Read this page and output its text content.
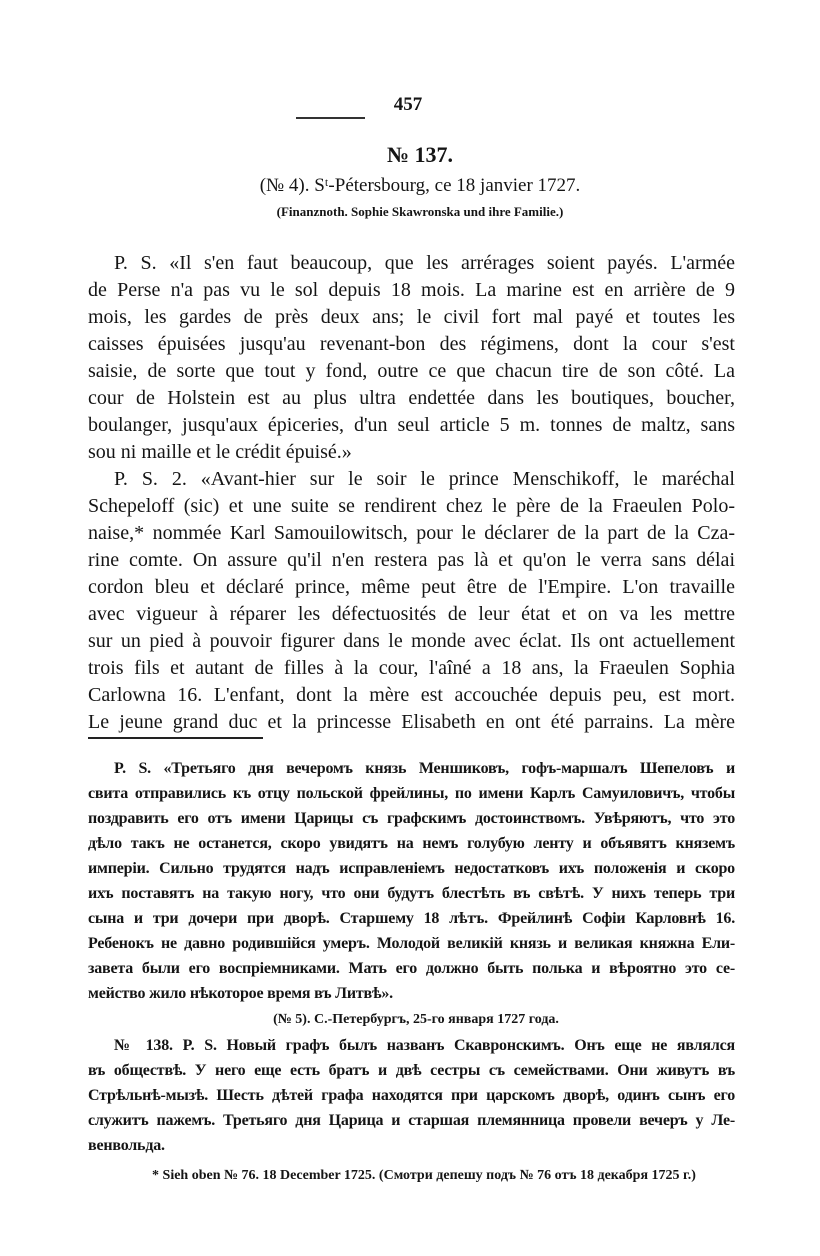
457
№ 137.
(№ 4). Sᵗ-Pétersbourg, ce 18 janvier 1727.
(Finanznoth. Sophie Skawronska und ihre Familie.)
P. S. «Il s'en faut beaucoup, que les arrérages soient payés. L'armée
de Perse n'a pas vu le sol depuis 18 mois. La marine est en arrière de 9
mois, les gardes de près deux ans; le civil fort mal payé et toutes les
caisses épuisées jusqu'au revenant-bon des régimens, dont la cour s'est
saisie, de sorte que tout y fond, outre ce que chacun tire de son côté. La
cour de Holstein est au plus ultra endettée dans les boutiques, boucher,
boulanger, jusqu'aux épiceries, d'un seul article 5 m. tonnes de maltz, sans
sou ni maille et le crédit épuisé.»
P. S. 2. «Avant-hier sur le soir le prince Menschikoff, le maréchal
Schepeloff (sic) et une suite se rendirent chez le père de la Fraeulen Polo-
naise,* nommée Karl Samouilowitsch, pour le déclarer de la part de la Cza-
rine comte. On assure qu'il n'en restera pas là et qu'on le verra sans délai
cordon bleu et déclaré prince, même peut être de l'Empire. L'on travaille
avec vigueur à réparer les défectuosités de leur état et on va les mettre
sur un pied à pouvoir figurer dans le monde avec éclat. Ils ont actuellement
trois fils et autant de filles à la cour, l'aîné a 18 ans, la Fraeulen Sophia
Carlowna 16. L'enfant, dont la mère est accouchée depuis peu, est mort.
Le jeune grand duc et la princesse Elisabeth en ont été parrains. La mère
P. S. «Третьяго дня вечеромъ князь Меншиковъ, гофъ-маршалъ Шепеловъ и
свита отправились къ отцу польской фрейлины, по имени Карлъ Самуиловичъ, чтобы
поздравить его отъ имени Царицы съ графскимъ достоинствомъ. Увѣряютъ, что это
дѣло такъ не останется, скоро увидятъ на немъ голубую ленту и объявятъ княземъ
имперіи. Сильно трудятся надъ исправленіемъ недостатковъ ихъ положенія и скоро
ихъ поставятъ на такую ногу, что они будутъ блестѣть въ свѣтѣ. У нихъ теперь три
сына и три дочери при дворѣ. Старшему 18 лѣтъ. Фрейлинѣ Софіи Карловнѣ 16.
Ребенокъ не давно родившійся умеръ. Молодой великій князь и великая княжна Ели-
завета были его воспріемниками. Мать его должно быть полька и вѣроятно это се-
мейство жило нѣкоторое время въ Литвѣ».
(№ 5). С.-Петербургъ, 25-го января 1727 года.
№ 138. P. S. Новый графъ былъ названъ Скавронскимъ. Онъ еще не являлся
въ обществѣ. У него еще есть братъ и двѣ сестры съ семействами. Они живутъ въ
Стрѣльнѣ-мызѣ. Шесть дѣтей графа находятся при царскомъ дворѣ, одинъ сынъ его
служитъ пажемъ. Третьяго дня Царица и старшая племянница провели вечеръ у Ле-
венвольда.
* Sieh oben № 76. 18 December 1725. (Смотри депешу подъ № 76 отъ 18 декабря 1725 г.)
